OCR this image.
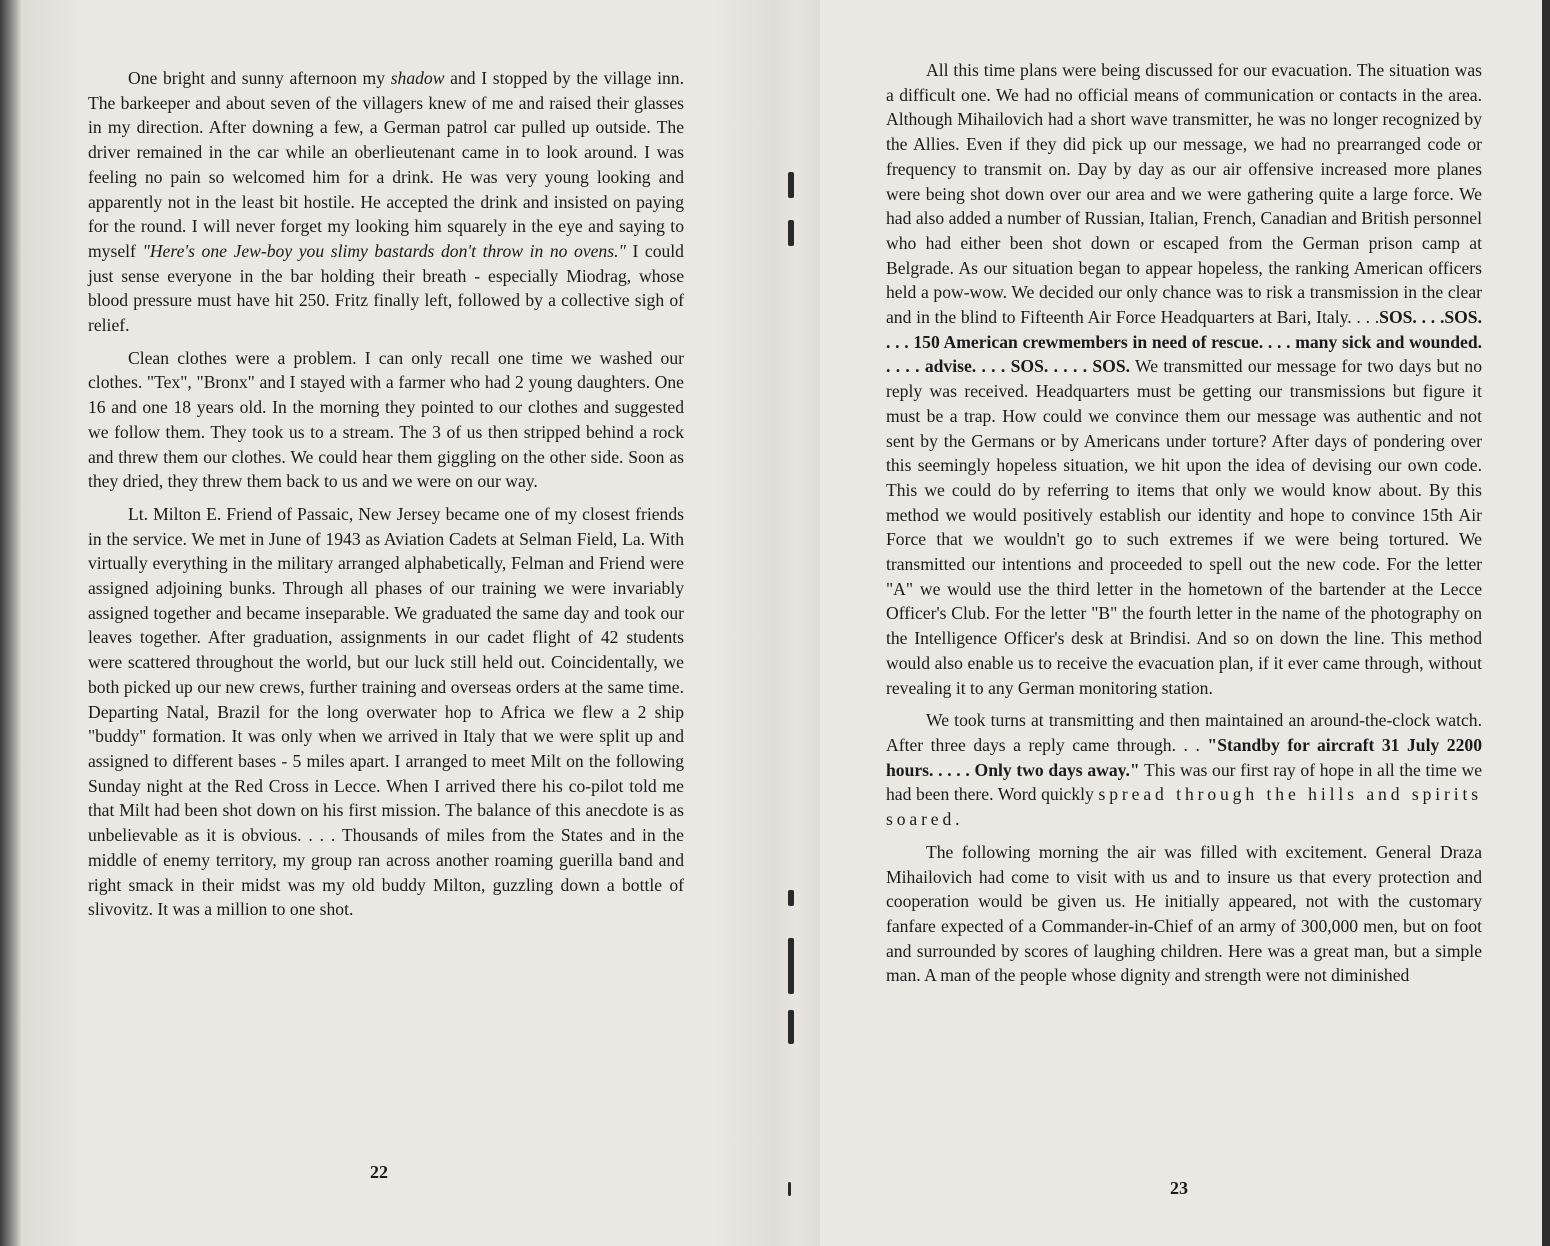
One bright and sunny afternoon my shadow and I stopped by the village inn. The barkeeper and about seven of the villagers knew of me and raised their glasses in my direction. After downing a few, a German patrol car pulled up outside. The driver remained in the car while an oberlieutenant came in to look around. I was feeling no pain so welcomed him for a drink. He was very young looking and apparently not in the least bit hostile. He accepted the drink and insisted on paying for the round. I will never forget my looking him squarely in the eye and saying to myself "Here's one Jew-boy you slimy bastards don't throw in no ovens." I could just sense everyone in the bar holding their breath - especially Miodrag, whose blood pressure must have hit 250. Fritz finally left, followed by a collective sigh of relief.

Clean clothes were a problem. I can only recall one time we washed our clothes. "Tex", "Bronx" and I stayed with a farmer who had 2 young daughters. One 16 and one 18 years old. In the morning they pointed to our clothes and suggested we follow them. They took us to a stream. The 3 of us then stripped behind a rock and threw them our clothes. We could hear them giggling on the other side. Soon as they dried, they threw them back to us and we were on our way.

Lt. Milton E. Friend of Passaic, New Jersey became one of my closest friends in the service. We met in June of 1943 as Aviation Cadets at Selman Field, La. With virtually everything in the military arranged alphabetically, Felman and Friend were assigned adjoining bunks. Through all phases of our training we were invariably assigned together and became inseparable. We graduated the same day and took our leaves together. After graduation, assignments in our cadet flight of 42 students were scattered throughout the world, but our luck still held out. Coincidentally, we both picked up our new crews, further training and overseas orders at the same time. Departing Natal, Brazil for the long overwater hop to Africa we flew a 2 ship "buddy" formation. It was only when we arrived in Italy that we were split up and assigned to different bases - 5 miles apart. I arranged to meet Milt on the following Sunday night at the Red Cross in Lecce. When I arrived there his co-pilot told me that Milt had been shot down on his first mission. The balance of this anecdote is as unbelievable as it is obvious. . . . Thousands of miles from the States and in the middle of enemy territory, my group ran across another roaming guerilla band and right smack in their midst was my old buddy Milton, guzzling down a bottle of slivovitz. It was a million to one shot.

22

All this time plans were being discussed for our evacuation. The situation was a difficult one. We had no official means of communication or contacts in the area. Although Mihailovich had a short wave transmitter, he was no longer recognized by the Allies. Even if they did pick up our message, we had no prearranged code or frequency to transmit on. Day by day as our air offensive increased more planes were being shot down over our area and we were gathering quite a large force. We had also added a number of Russian, Italian, French, Canadian and British personnel who had either been shot down or escaped from the German prison camp at Belgrade. As our situation began to appear hopeless, the ranking American officers held a pow-wow. We decided our only chance was to risk a transmission in the clear and in the blind to Fifteenth Air Force Headquarters at Bari, Italy. . . .SOS. . . .SOS. . . . 150 American crewmembers in need of rescue. . . . many sick and wounded. . . . . advise. . . . SOS. . . . . SOS. We transmitted our message for two days but no reply was received. Headquarters must be getting our transmissions but figure it must be a trap. How could we convince them our message was authentic and not sent by the Germans or by Americans under torture? After days of pondering over this seemingly hopeless situation, we hit upon the idea of devising our own code. This we could do by referring to items that only we would know about. By this method we would positively establish our identity and hope to convince 15th Air Force that we wouldn't go to such extremes if we were being tortured. We transmitted our intentions and proceeded to spell out the new code. For the letter "A" we would use the third letter in the hometown of the bartender at the Lecce Officer's Club. For the letter "B" the fourth letter in the name of the photography on the Intelligence Officer's desk at Brindisi. And so on down the line. This method would also enable us to receive the evacuation plan, if it ever came through, without revealing it to any German monitoring station.

We took turns at transmitting and then maintained an around-the-clock watch. After three days a reply came through. . . "Standby for aircraft 31 July 2200 hours. . . . . Only two days away." This was our first ray of hope in all the time we had been there. Word quickly spread through the hills and spirits soared.

The following morning the air was filled with excitement. General Draza Mihailovich had come to visit with us and to insure us that every protection and cooperation would be given us. He initially appeared, not with the customary fanfare expected of a Commander-in-Chief of an army of 300,000 men, but on foot and surrounded by scores of laughing children. Here was a great man, but a simple man. A man of the people whose dignity and strength were not diminished

23
